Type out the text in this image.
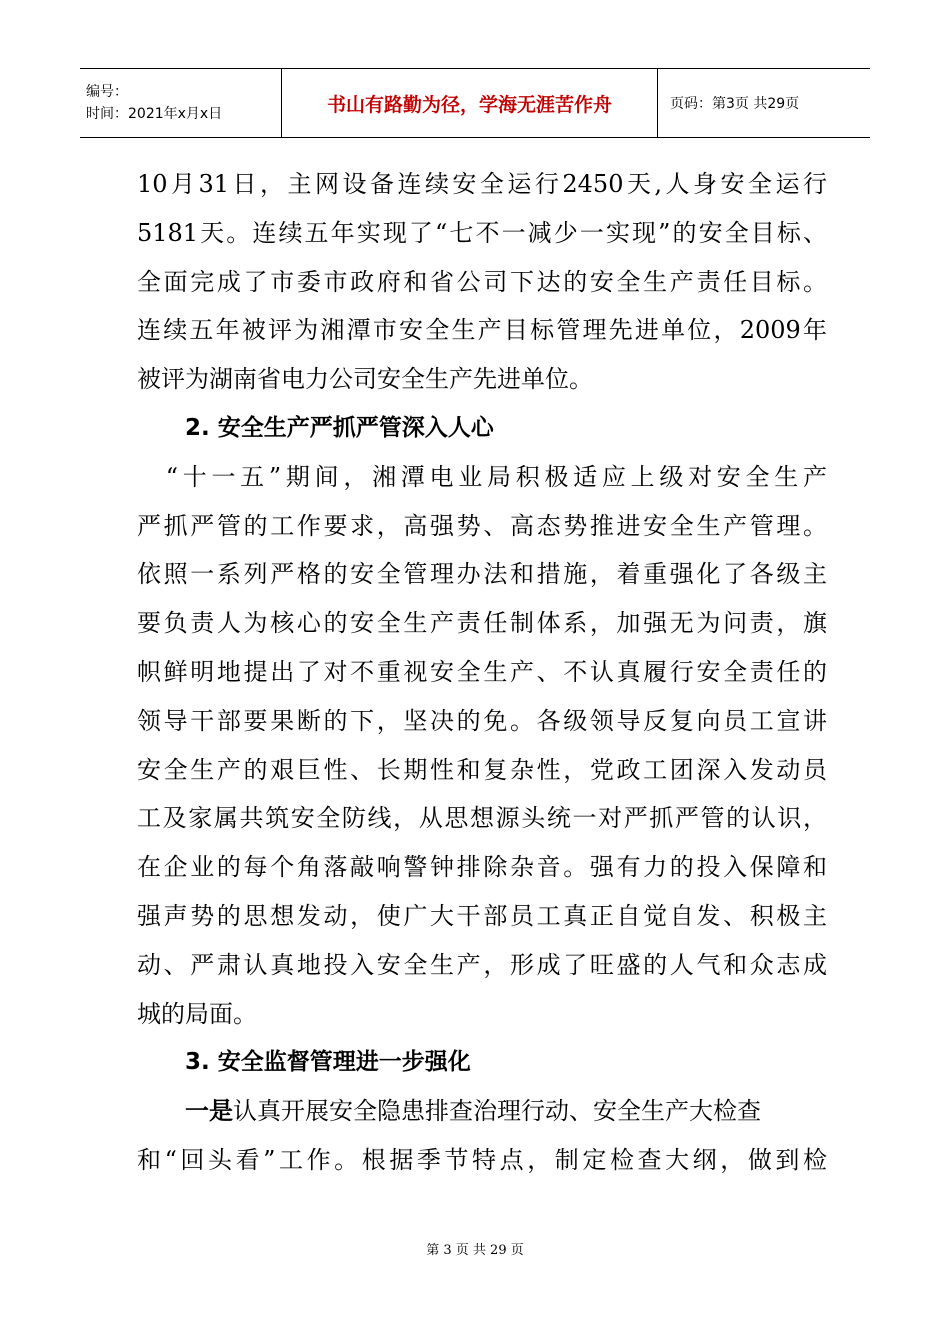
编号：
时间：2021年x月x日	书山有路勤为径，学海无涯苦作舟	页码：第3页 共29页
10月31日，主网设备连续安全运行2450天,人身安全运行
5181天。连续五年实现了“七不一减少一实现”的安全目标、
全面完成了市委市政府和省公司下达的安全生产责任目标。
连续五年被评为湘潭市安全生产目标管理先进单位，2009年
被评为湖南省电力公司安全生产先进单位。
2. 安全生产严抓严管深入人心
　“十一五”期间，湘潭电业局积极适应上级对安全生产
严抓严管的工作要求，高强势、高态势推进安全生产管理。
依照一系列严格的安全管理办法和措施，着重强化了各级主
要负责人为核心的安全生产责任制体系，加强无为问责，旗
帜鲜明地提出了对不重视安全生产、不认真履行安全责任的
领导干部要果断的下，坚决的免。各级领导反复向员工宣讲
安全生产的艰巨性、长期性和复杂性，党政工团深入发动员
工及家属共筑安全防线，从思想源头统一对严抓严管的认识，
在企业的每个角落敲响警钟排除杂音。强有力的投入保障和
强声势的思想发动，使广大干部员工真正自觉自发、积极主
动、严肃认真地投入安全生产，形成了旺盛的人气和众志成
城的局面。
3. 安全监督管理进一步强化
一是认真开展安全隐患排查治理行动、安全生产大检查
和“回头看”工作。根据季节特点，制定检查大纲，做到检
第 3 页 共 29 页
